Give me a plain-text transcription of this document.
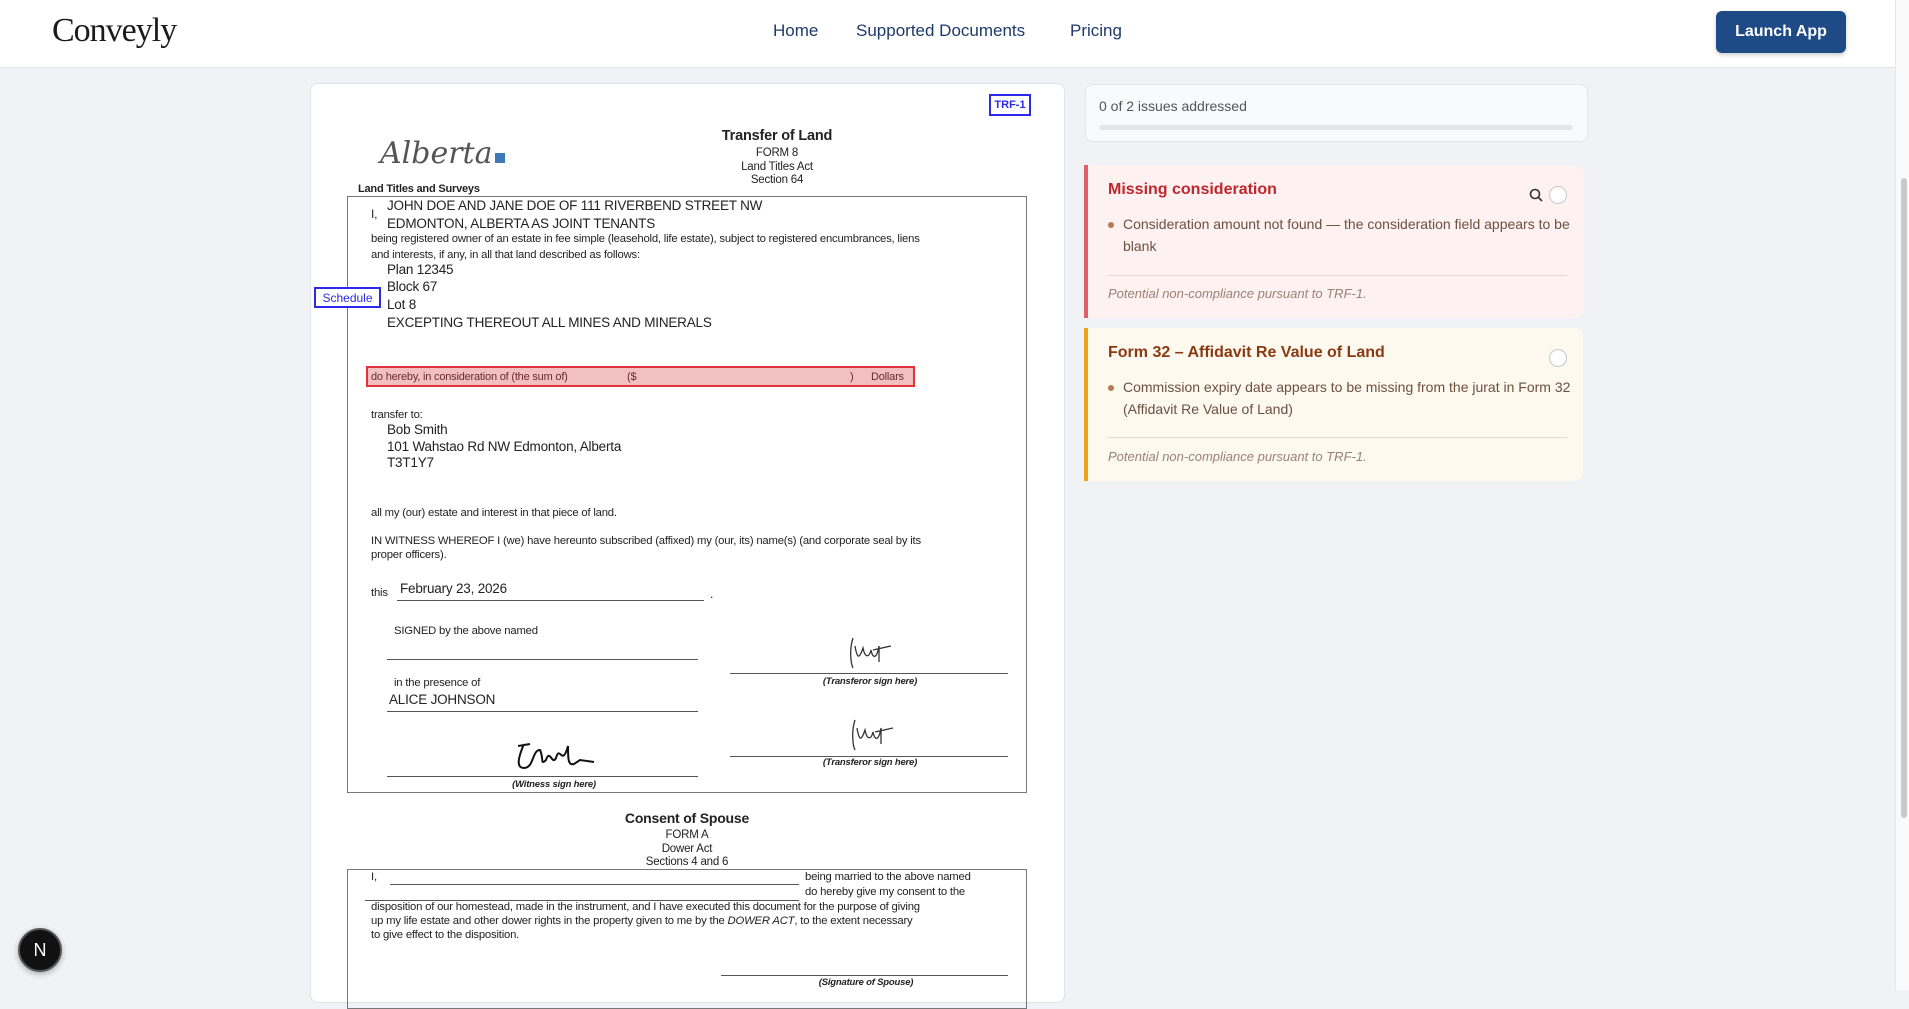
Conveyly	Home Supported Documents	Pricing	Launch App
TRF-1
Alberta
Land Titles and Surveys
Transfer of Land
FORM 8
Land Titles Act
Section 64
I,
JOHN DOE AND JANE DOE OF 111 RIVERBEND STREET NW
EDMONTON, ALBERTA AS JOINT TENANTS
being registered owner of an estate in fee simple (leasehold, life estate), subject to registered encumbrances, liens
and interests, if any, in all that land described as follows:
Plan 12345
Block 67
Lot 8
EXCEPTING THEREOUT ALL MINES AND MINERALS
Schedule
do hereby, in consideration of (the sum of)	($	) Dollars
transfer to:
Bob Smith
101 Wahstao Rd NW Edmonton, Alberta
T3T1Y7
all my (our) estate and interest in that piece of land.
IN WITNESS WHEREOF I (we) have hereunto subscribed (affixed) my (our, its) name(s) (and corporate seal by its
proper officers).
this February 23, 2026	.
SIGNED by the above named
in the presence of
ALICE JOHNSON
(Witness sign here)
(Transferor sign here)
(Transferor sign here)
Consent of Spouse
FORM A
Dower Act
Sections 4 and 6
I,	being married to the above named
do hereby give my consent to the
disposition of our homestead, made in the instrument, and I have executed this document for the purpose of giving
up my life estate and other dower rights in the property given to me by the DOWER ACT, to the extent necessary
to give effect to the disposition.
(Signature of Spouse)
0 of 2 issues addressed
Missing consideration
Consideration amount not found — the consideration field appears to be blank
Potential non-compliance pursuant to TRF-1.
Form 32 – Affidavit Re Value of Land
Commission expiry date appears to be missing from the jurat in Form 32 (Affidavit Re Value of Land)
Potential non-compliance pursuant to TRF-1.
N
